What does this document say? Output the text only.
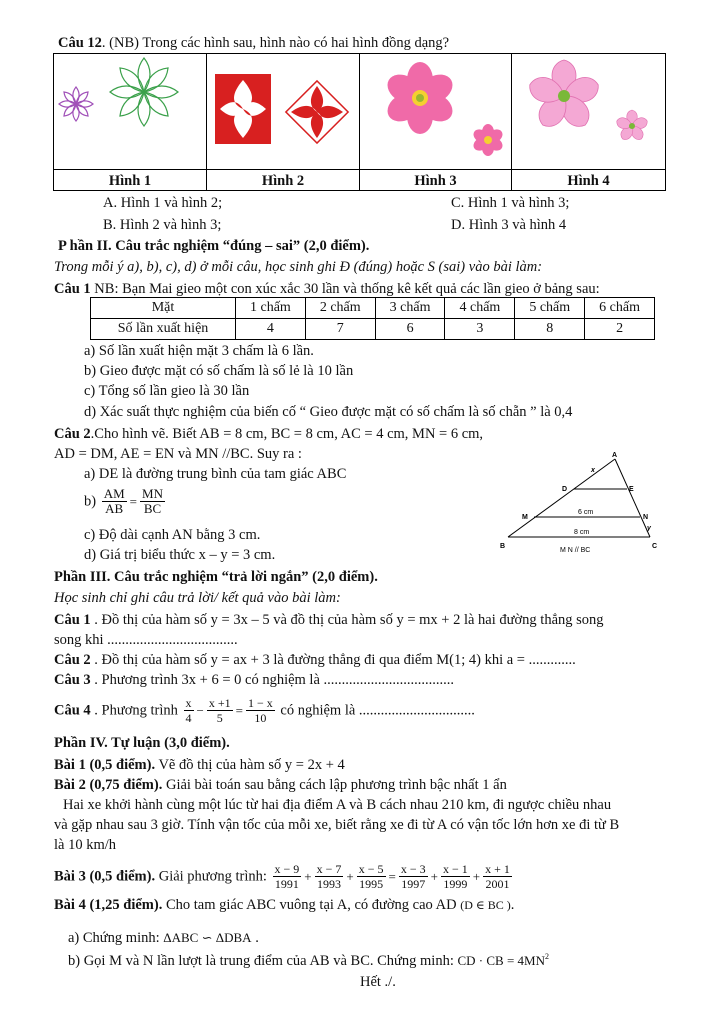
Câu 12. (NB) Trong các hình sau, hình nào có hai hình đồng dạng?
Hình 1	Hình 2	Hình 3	Hình 4
A. Hình 1 và hình 2;	C. Hình 1 và hình 3;
B. Hình 2 và hình 3;	D. Hình 3 và hình 4
P hần II. Câu trắc nghiệm “đúng – sai” (2,0 điểm).
Trong mỗi ý a), b), c), d) ở mỗi câu, học sinh ghi Đ (đúng) hoặc S (sai) vào bài làm:
Câu 1 NB: Bạn Mai gieo một con xúc xắc 30 lần và thống kê kết quả các lần gieo ở bảng sau:
Mặt	1 chấm	2 chấm	3 chấm	4 chấm	5 chấm	6 chấm
Số lần xuất hiện	4	7	6	3	8	2
a) Số lần xuất hiện mặt 3 chấm là 6 lần.
b) Gieo được mặt có số chấm là số lẻ là 10 lần
c) Tổng số lần gieo là 30 lần
d) Xác suất thực nghiệm của biến cố “ Gieo được mặt có số chấm là số chẵn ” là 0,4
Câu 2.Cho hình vẽ. Biết AB = 8 cm, BC = 8 cm, AC = 4 cm, MN = 6 cm,
AD = DM, AE = EN và MN //BC. Suy ra :
a) DE là đường trung bình của tam giác ABC
$b) \frac{AM}{AB} = \frac{MN}{BC}$
c) Độ dài cạnh AN bằng 3 cm.
d) Giá trị biểu thức x – y = 3 cm.
A
B	C
D	E
M	N
x
y
6 cm
8 cm
M N // BC
Phần III. Câu trắc nghiệm “trả lời ngắn” (2,0 điểm).
Học sinh chỉ ghi câu trả lời/ kết quả vào bài làm:
Câu 1 . Đồ thị của hàm số y = 3x – 5 và đồ thị của hàm số y = mx + 2 là hai đường thẳng song
song khi ....................................
Câu 2 . Đồ thị của hàm số y = ax + 3 là đường thẳng đi qua điểm M(1; 4) khi a = .............
Câu 3 . Phương trình 3x + 6 = 0 có nghiệm là ....................................
Câu 4 . Phương trình $\frac{x}{4} - \frac{x +1}{5} = \frac{1 - x}{10}$ có nghiệm là ................................
Phần IV. Tự luận (3,0 điểm).
Bài 1 (0,5 điểm). Vẽ đồ thị của hàm số y = 2x + 4
Bài 2 (0,75 điểm). Giải bài toán sau bằng cách lập phương trình bậc nhất 1 ẩn
Hai xe khởi hành cùng một lúc từ hai địa điểm A và B cách nhau 210 km, đi ngược chiều nhau
và gặp nhau sau 3 giờ. Tính vận tốc của mỗi xe, biết rằng xe đi từ A có vận tốc lớn hơn xe đi từ B
là 10 km/h
Bài 3 (0,5 điểm). Giải phương trình: $\frac{x - 9}{1991} + \frac{x - 7}{1993} + \frac{x - 5}{1995} = \frac{x - 3}{1997} + \frac{x - 1}{1999} + \frac{x + 1}{2001}$
Bài 4 (1,25 điểm). Cho tam giác ABC vuông tại A, có đường cao AD (D ∈ BC ).
a) Chứng minh: ΔABC ∽ ΔDBA .
b) Gọi M và N lần lượt là trung điểm của AB và BC. Chứng minh: CD · CB = $4MN^2$
Hết ./.
